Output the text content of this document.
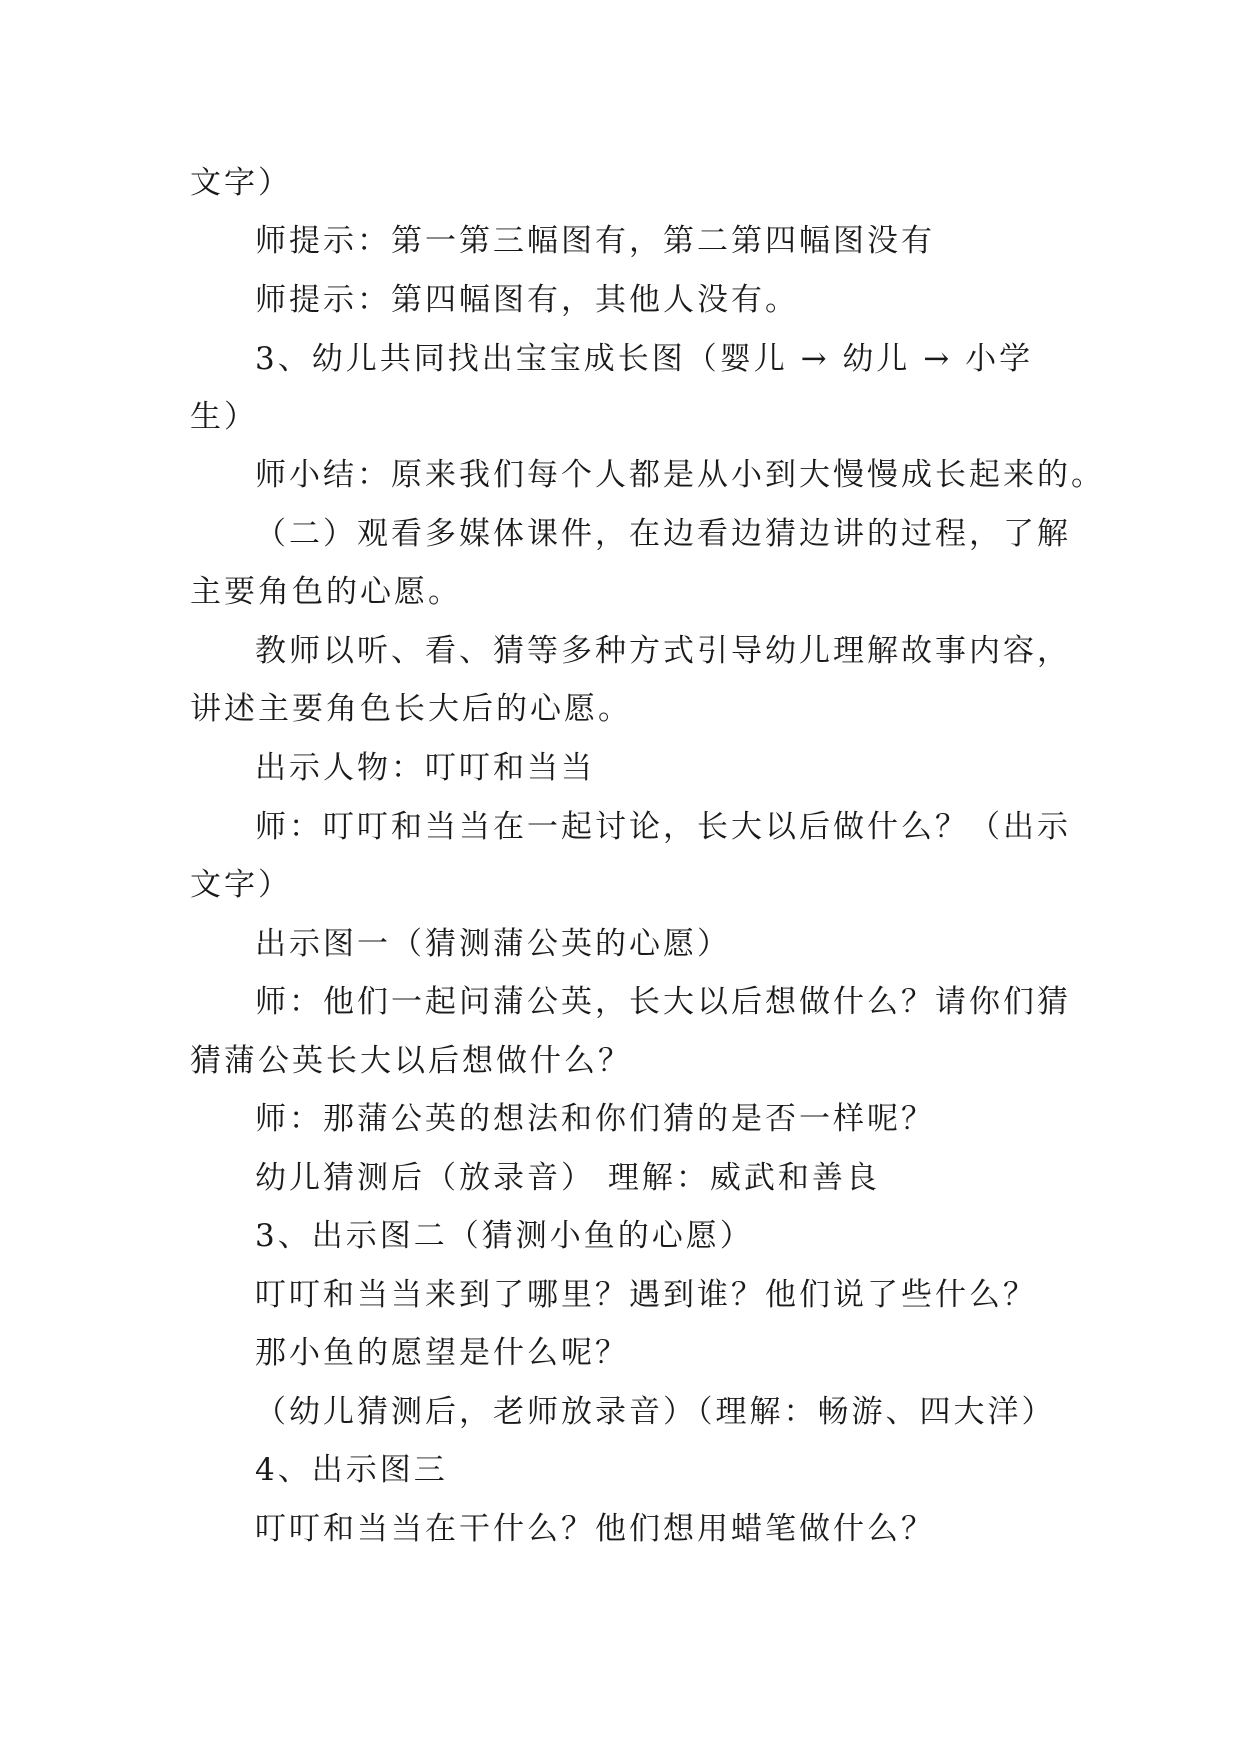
文字）
师提示：第一第三幅图有，第二第四幅图没有
师提示：第四幅图有，其他人没有。
3、幼儿共同找出宝宝成长图（婴儿 → 幼儿 → 小学
生）
师小结：原来我们每个人都是从小到大慢慢成长起来的。
（二）观看多媒体课件，在边看边猜边讲的过程，了解
主要角色的心愿。
教师以听、看、猜等多种方式引导幼儿理解故事内容，
讲述主要角色长大后的心愿。
出示人物：叮叮和当当
师：叮叮和当当在一起讨论，长大以后做什么？（出示
文字）
出示图一（猜测蒲公英的心愿）
师：他们一起问蒲公英，长大以后想做什么？请你们猜
猜蒲公英长大以后想做什么？
师：那蒲公英的想法和你们猜的是否一样呢？
幼儿猜测后（放录音） 理解：威武和善良
3、出示图二（猜测小鱼的心愿）
叮叮和当当来到了哪里？遇到谁？他们说了些什么？
那小鱼的愿望是什么呢？
（幼儿猜测后，老师放录音）（理解：畅游、四大洋）
4、出示图三
叮叮和当当在干什么？他们想用蜡笔做什么？
